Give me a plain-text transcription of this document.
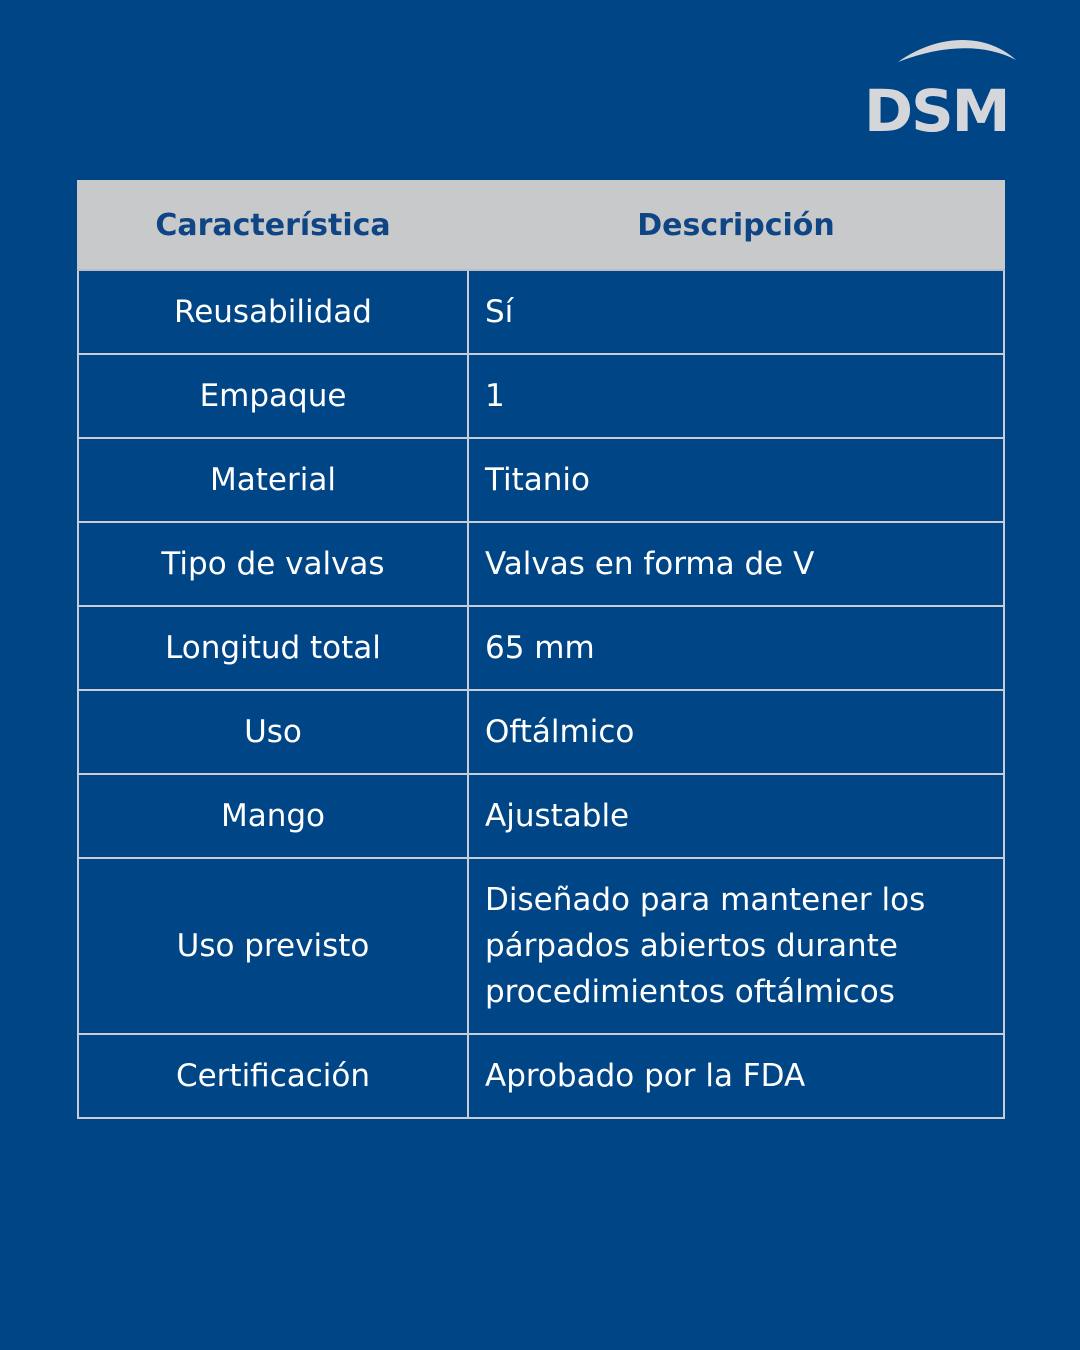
DSM
Característica	Descripción
Reusabilidad	Sí
Empaque	1
Material	Titanio
Tipo de valvas	Valvas en forma de V
Longitud total	65 mm
Uso	Oftálmico
Mango	Ajustable
Uso previsto	Diseñado para mantener los párpados abiertos durante procedimientos oftálmicos
Certificación	Aprobado por la FDA
